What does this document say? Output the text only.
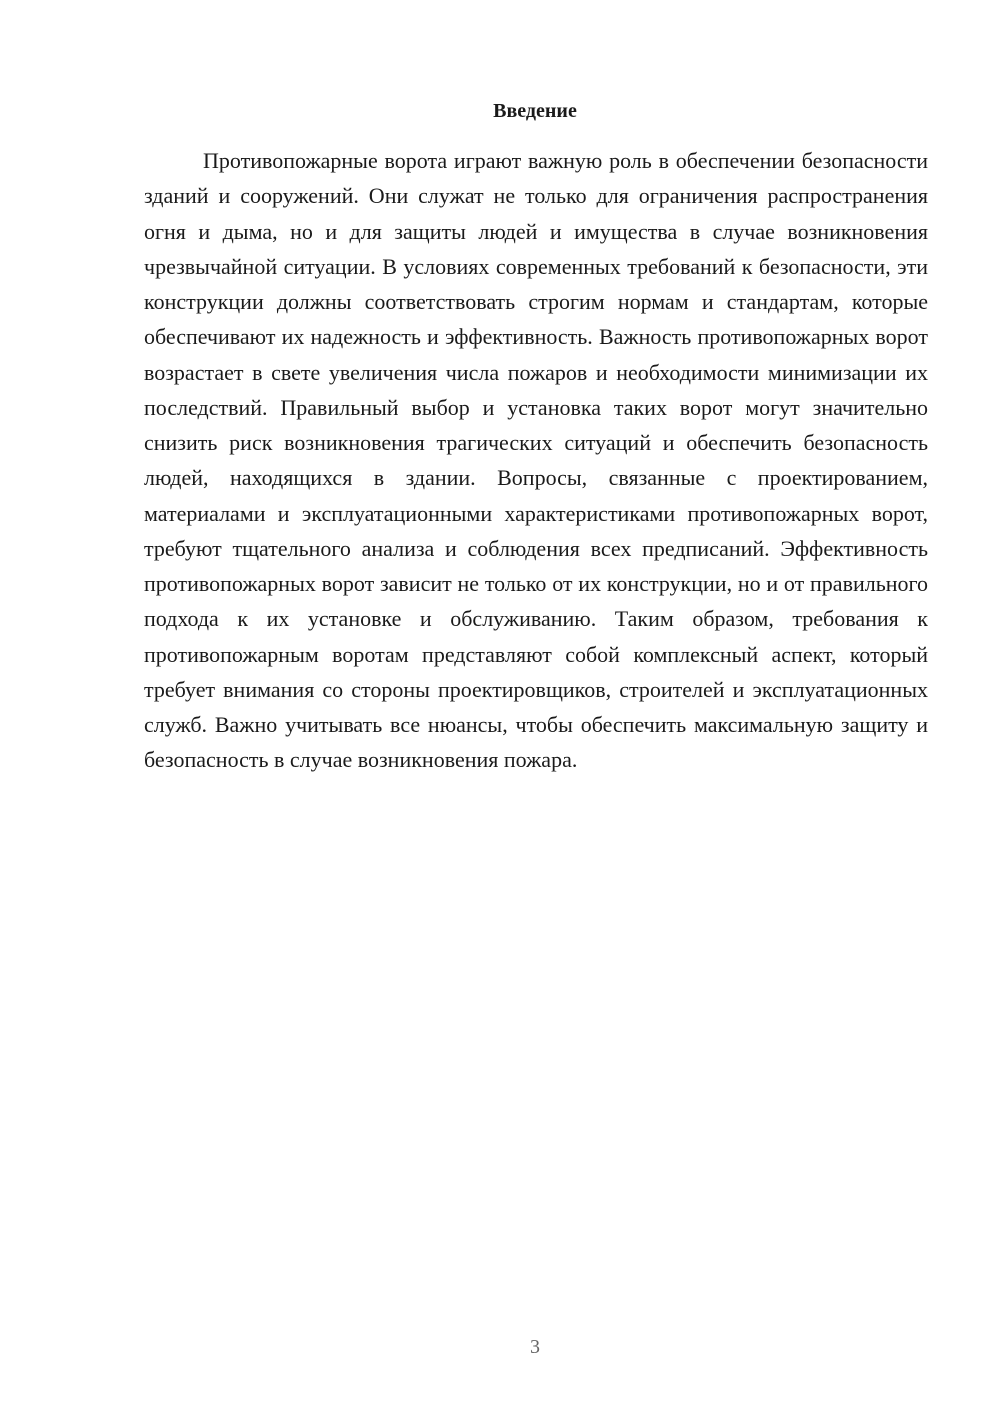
Введение

Противопожарные ворота играют важную роль в обеспечении безопасности зданий и сооружений. Они служат не только для ограничения распространения огня и дыма, но и для защиты людей и имущества в случае возникновения чрезвычайной ситуации. В условиях современных требований к безопасности, эти конструкции должны соответствовать строгим нормам и стандартам, которые обеспечивают их надежность и эффективность. Важность противопожарных ворот возрастает в свете увеличения числа пожаров и необходимости минимизации их последствий. Правильный выбор и установка таких ворот могут значительно снизить риск возникновения трагических ситуаций и обеспечить безопасность людей, находящихся в здании. Вопросы, связанные с проектированием, материалами и эксплуатационными характеристиками противопожарных ворот, требуют тщательного анализа и соблюдения всех предписаний. Эффективность противопожарных ворот зависит не только от их конструкции, но и от правильного подхода к их установке и обслуживанию. Таким образом, требования к противопожарным воротам представляют собой комплексный аспект, который требует внимания со стороны проектировщиков, строителей и эксплуатационных служб. Важно учитывать все нюансы, чтобы обеспечить максимальную защиту и безопасность в случае возникновения пожара.

3
